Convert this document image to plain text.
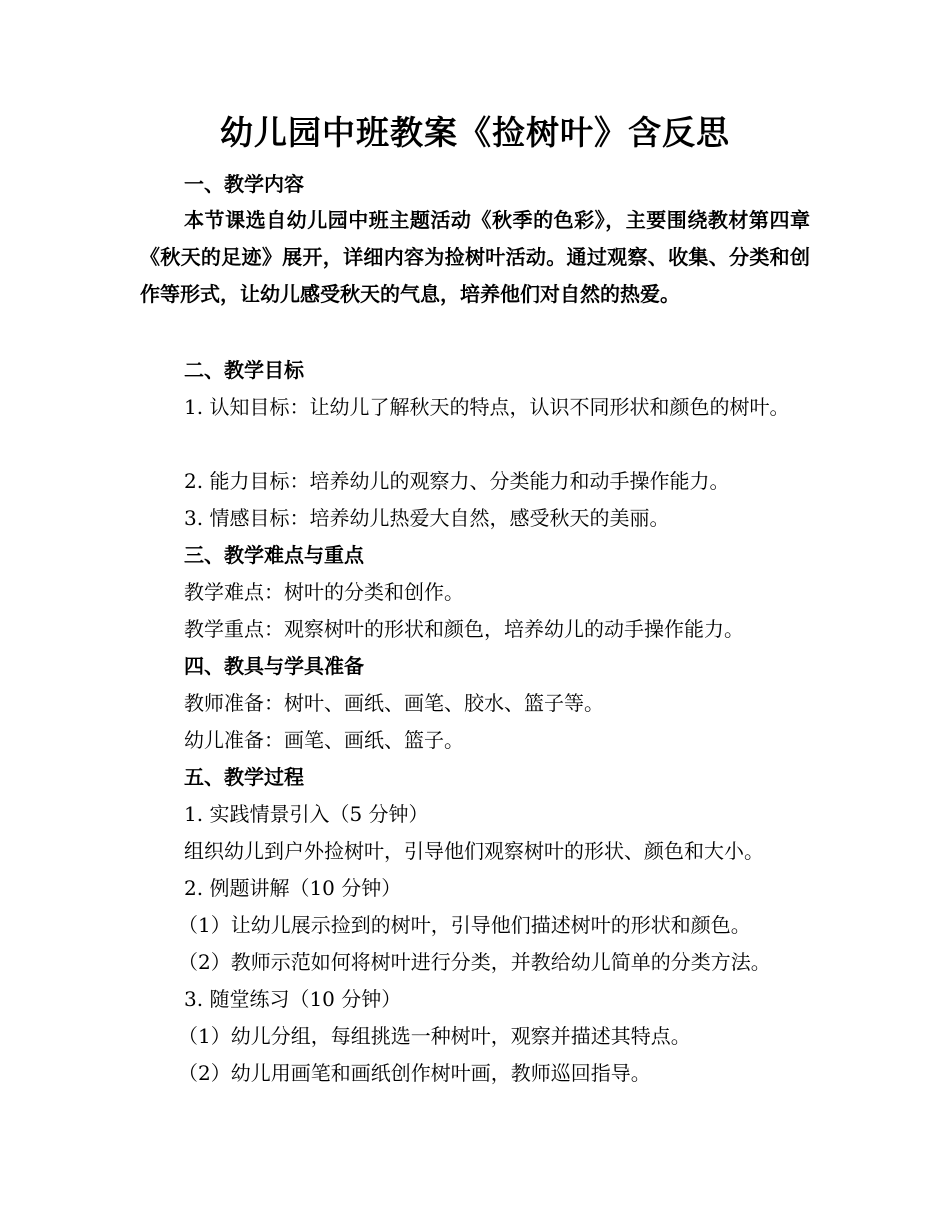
幼儿园中班教案《捡树叶》含反思
一、教学内容
本节课选自幼儿园中班主题活动《秋季的色彩》，主要围绕教材第四章《秋天的足迹》展开，详细内容为捡树叶活动。通过观察、收集、分类和创作等形式，让幼儿感受秋天的气息，培养他们对自然的热爱。
二、教学目标
1. 认知目标：让幼儿了解秋天的特点，认识不同形状和颜色的树叶。
2. 能力目标：培养幼儿的观察力、分类能力和动手操作能力。
3. 情感目标：培养幼儿热爱大自然，感受秋天的美丽。
三、教学难点与重点
教学难点：树叶的分类和创作。
教学重点：观察树叶的形状和颜色，培养幼儿的动手操作能力。
四、教具与学具准备
教师准备：树叶、画纸、画笔、胶水、篮子等。
幼儿准备：画笔、画纸、篮子。
五、教学过程
1. 实践情景引入（5 分钟）
组织幼儿到户外捡树叶，引导他们观察树叶的形状、颜色和大小。
2. 例题讲解（10 分钟）
（1）让幼儿展示捡到的树叶，引导他们描述树叶的形状和颜色。
（2）教师示范如何将树叶进行分类，并教给幼儿简单的分类方法。
3. 随堂练习（10 分钟）
（1）幼儿分组，每组挑选一种树叶，观察并描述其特点。
（2）幼儿用画笔和画纸创作树叶画，教师巡回指导。
